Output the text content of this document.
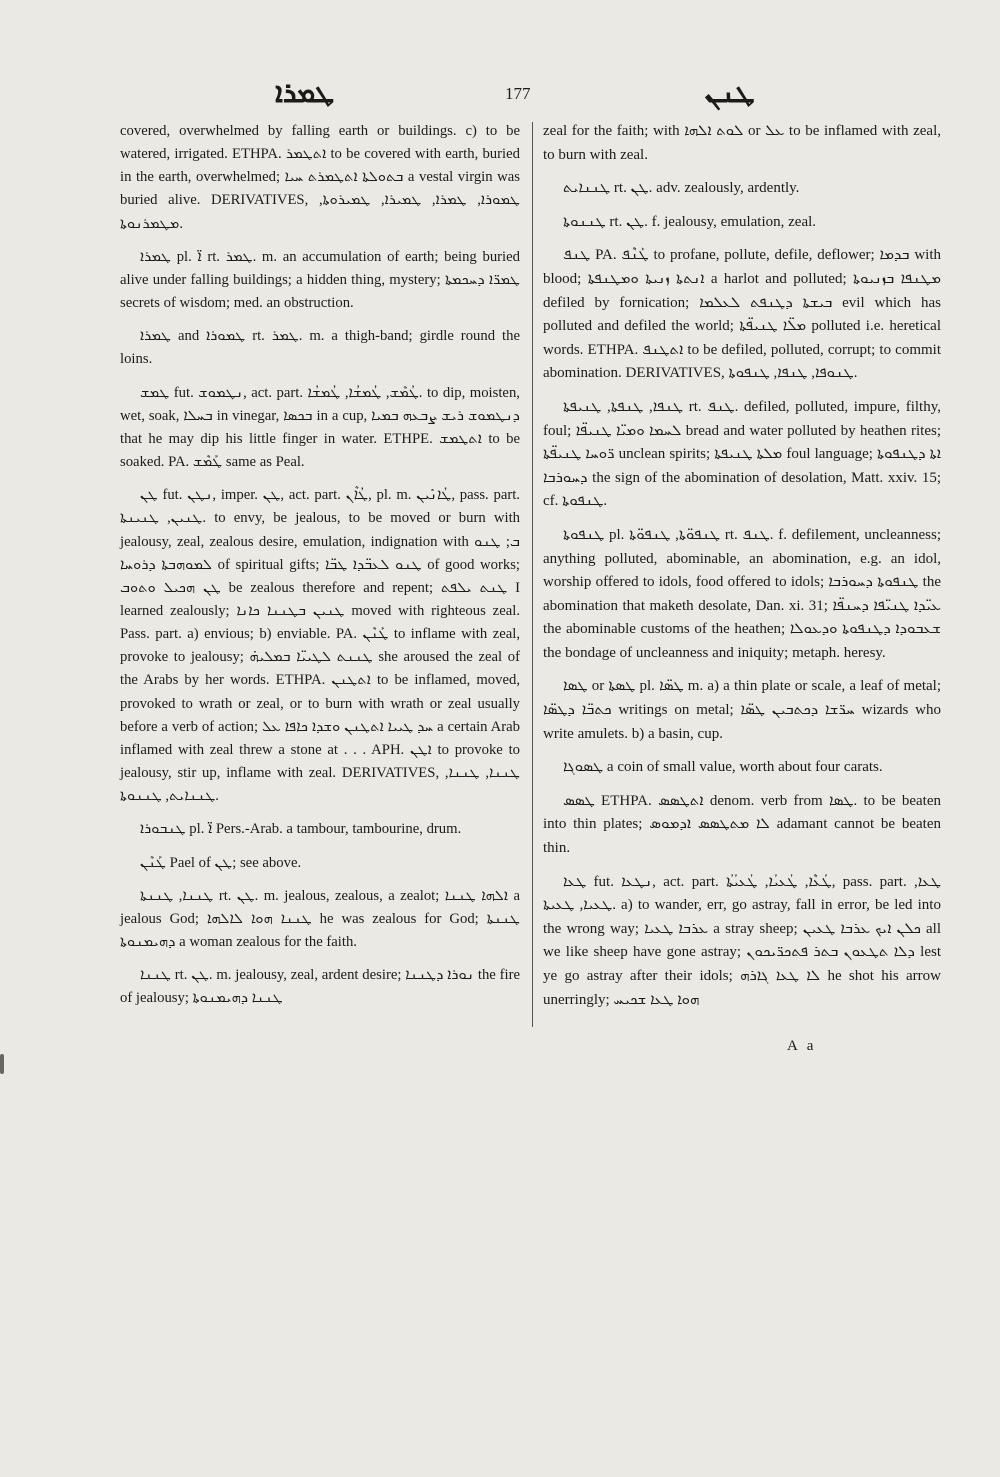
ܛܡܪܐ	177	ܛܢܢ

covered, overwhelmed by falling earth or buildings. c) to be watered, irrigated. ETHPA. ܐܬܛܡܪ to be covered with earth, buried in the earth, overwhelmed; ܒܬܘܠܬܐ ܐܬܛܡܪܬ ܚܝܐ a vestal virgin was buried alive. DERIVATIVES, ܛܡܘܪܐ, ܛܡܪܐ, ܛܡܝܪܐ, ܛܡܝܪܘܬܐ, ܡܛܡܪܢܘܬܐ.

ܛܡܪܐ pl. ܐ̈ rt. ܛܡܪ. m. an accumulation of earth; being buried alive under falling buildings; a hidden thing, mystery; ܛܡܪ̈ܐ ܕܚܟܡܬܐ secrets of wisdom; med. an obstruction.

ܛܡܪܐ and ܛܡܘܪܐ rt. ܛܡܪ. m. a thigh-band; girdle round the loins.

ܛܡܫ fut. ܢܛܡܘܫ, act. part. ܛܳܡܶܫ, ܛܳܡܫܳܐ, ܛܳܡܫܳܐ. to dip, moisten, wet, soak, ܒܚܠܐ in vinegar, ܒܟܣܐ in a cup, ܕܢܛܡܘܫ ܪܝܫ ܨܒܥܗ ܒܡܝܐ that he may dip his little finger in water. ETHPE. ܐܬܛܡܫ to be soaked. PA. ܛܰܡܶܫ same as Peal.

ܛܢ fut. ܢܛܢ, imper. ܛܢ, act. part. ܛܳܐܶܢ, pl. m. ܛܳܐܢܺܝܢ, pass. part. ܛܢܝܢ, ܛܢܝܢܬܐ. to envy, be jealous, to be moved or burn with jealousy, zeal, zealous desire, emulation, indignation with ܒ; ܛܢܘ ܠܡܘܗܒܬܐ ܕܪܘܚܐ of spiritual gifts; ܛܢܘ ܠܥܒ̈ܕܐ ܛܒ̈ܐ of good works; ܛܢ ܗܟܝܠ ܘܬܘܒ be zealous therefore and repent; ܛܢܬ ܝܠܦܬ I learned zealously; ܛܢܝܢ ܒܛܢܢܐ ܟܐܢܐ moved with righteous zeal. Pass. part. a) envious; b) enviable. PA. ܛܰܢܶܢ to inflame with zeal, provoke to jealousy; ܛܢܢܬ ܠܛܝܝ̈ܐ ܒܡܠܝܗ̇ she aroused the zeal of the Arabs by her words. ETHPA. ܐܬܛܢܢ to be inflamed, moved, provoked to wrath or zeal, or to burn with wrath or zeal usually before a verb of action; ܚܕ ܛܝܝܐ ܐܬܛܢܢ ܘܫܕܐ ܟܐܦܐ ܥܠ a certain Arab inflamed with zeal threw a stone at . . . APH. ܐܛܢ to provoke to jealousy, stir up, inflame with zeal. DERIVATIVES, ܛܢܢܐ, ܛܢܢܐ, ܛܢܢܐܝܬ, ܛܢܢܘܬܐ.

ܛܢܒܘܪܐ pl. ܐ̈ Pers.-Arab. a tambour, tambourine, drum.

ܛܰܢܶܢ Pael of ܛܢ; see above.

ܛܢܢܐ, ܛܢܢܬܐ rt. ܛܢ. m. jealous, zealous, a zealot; ܐܠܗܐ ܛܢܢܐ a jealous God; ܛܢܢܐ ܗܘܐ ܠܐܠܗܐ he was zealous for God; ܛܢܢܬܐ ܕܗܝܡܢܘܬܐ a woman zealous for the faith.

ܛܢܢܐ rt. ܛܢ. m. jealousy, zeal, ardent desire; ܢܘܪܐ ܕܛܢܢܐ the fire of jealousy; ܛܢܢܐ ܕܗܝܡܢܘܬܐ

zeal for the faith; with ܠܘܬ ܐܠܗܐ or ܥܠ to be inflamed with zeal, to burn with zeal.

ܛܢܢܐܝܬ rt. ܛܢ. adv. zealously, ardently.

ܛܢܢܘܬܐ rt. ܛܢ. f. jealousy, emulation, zeal.

ܛܢܦ PA. ܛܰܢܶܦ to profane, pollute, defile, deflower; ܒܕܡܐ with blood; ܐܢܬܬܐ ܙܢܝܬܐ ܘܡܛܢܦܬܐ a harlot and polluted; ܡܛܢܦܐ ܒܙܢܝܘܬܐ defiled by fornication; ܒܝܫܬܐ ܕܛܢܦܬ ܠܥܠܡܐ evil which has polluted and defiled the world; ܡܠ̈ܐ ܛܢܝܦ̈ܬܐ polluted i.e. heretical words. ETHPA. ܐܬܛܢܦ to be defiled, polluted, corrupt; to commit abomination. DERIVATIVES, ܛܢܘܦܐ, ܛܢܦܐ, ܛܢܦܘܬܐ.

ܛܢܦܐ, ܛܢܦܬܐ, ܛܢܝܦܬܐ rt. ܛܢܦ. defiled, polluted, impure, filthy, foul; ܠܚܡܐ ܘܡܝ̈ܐ ܛܢܝܦ̈ܐ bread and water polluted by heathen rites; ܪ̈ܘܚܐ ܛܢܝܦ̈ܬܐ unclean spirits; ܡܠܬܐ ܛܢܝܦܬܐ foul language; ܐܬܐ ܕܛܢܦܘܬܐ ܕܚܘܪܒܐ the sign of the abomination of desolation, Matt. xxiv. 15; cf. ܛܢܦܘܬܐ.

ܛܢܦܘܬܐ pl. ܛܢܦܘ̈ܬܐ, ܛܢܦܘ̈ܬܐ rt. ܛܢܦ. f. defilement, uncleanness; anything polluted, abominable, an abomination, e.g. an idol, worship offered to idols, food offered to idols; ܛܢܦܘܬܐ ܕܚܘܪܒܐ the abomination that maketh desolate, Dan. xi. 31; ܥܝ̈ܕܐ ܛܢܝ̈ܦܐ ܕܚܢܦ̈ܐ the abominable customs of the heathen; ܫܥܒܘܕܐ ܕܛܢܦܘܬܐ ܘܕܥܘܠܐ the bondage of uncleanness and iniquity; metaph. heresy.

ܛܣܐ or ܛܣܬܐ pl. ܛܣ̈ܐ m. a) a thin plate or scale, a leaf of metal; ܟܬܒ̈ܐ ܕܛܣ̈ܐ writings on metal; ܚܪ̈ܫܐ ܕܟܬܒܝܢ ܛܣ̈ܐ wizards who write amulets. b) a basin, cup.

ܛܣܘܓܐ a coin of small value, worth about four carats.

ܛܣܣ ETHPA. ܐܬܛܣܣ denom. verb from ܛܣܐ. to be beaten into thin plates; ܠܐ ܡܬܛܣܣ ܐܕܡܘܣ adamant cannot be beaten thin.

ܛܥܐ fut. ܢܛܥܐ, act. part. ܛܳܥܶܐ, ܛܳܥܝܳܐ, ܛܳܥܝܳܬܳܐ, pass. part. ܛܥܐ, ܛܥܝܐ, ܛܥܝܬܐ. a) to wander, err, go astray, fall in error, be led into the wrong way; ܥܪܒܐ ܛܥܝܐ a stray sheep; ܟܠܢ ܐܝܟ ܥܪܒܐ ܛܥܝܢ all we like sheep have gone astray; ܕܠܐ ܬܛܥܘܢ ܒܬܪ ܦܬܟܪ̈ܝܟܘܢ lest ye go astray after their idols; ܠܐ ܛܥܐ ܓܐܪܗ he shot his arrow unerringly; ܗܘܐ ܛܥܐ ܫܟܝܚ

A a
